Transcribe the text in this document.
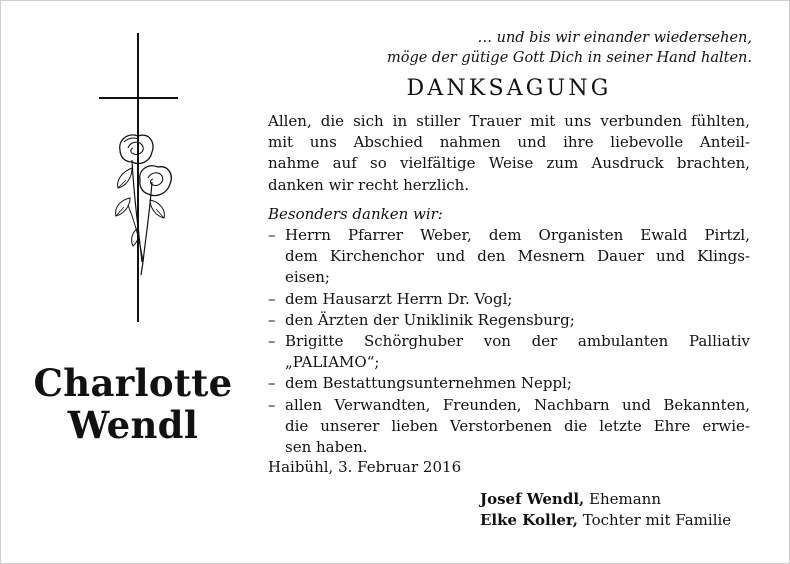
Charlotte
Wendl
… und bis wir einander wiedersehen,
möge der gütige Gott Dich in seiner Hand halten.
DANKSAGUNG
Allen, die sich in stiller Trauer mit uns verbunden fühlten,
mit uns Abschied nahmen und ihre liebevolle Anteil-
nahme auf so vielfältige Weise zum Ausdruck brachten,
danken wir recht herzlich.
Besonders danken wir:
– Herrn Pfarrer Weber, dem Organisten Ewald Pirtzl,
dem Kirchenchor und den Mesnern Dauer und Klings-
eisen;
– dem Hausarzt Herrn Dr. Vogl;
– den Ärzten der Uniklinik Regensburg;
– Brigitte Schörghuber von der ambulanten Palliativ
„PALIAMO“;
– dem Bestattungsunternehmen Neppl;
– allen Verwandten, Freunden, Nachbarn und Bekannten,
die unserer lieben Verstorbenen die letzte Ehre erwie-
sen haben.
Haibühl, 3. Februar 2016
Josef Wendl, Ehemann
Elke Koller, Tochter mit Familie
